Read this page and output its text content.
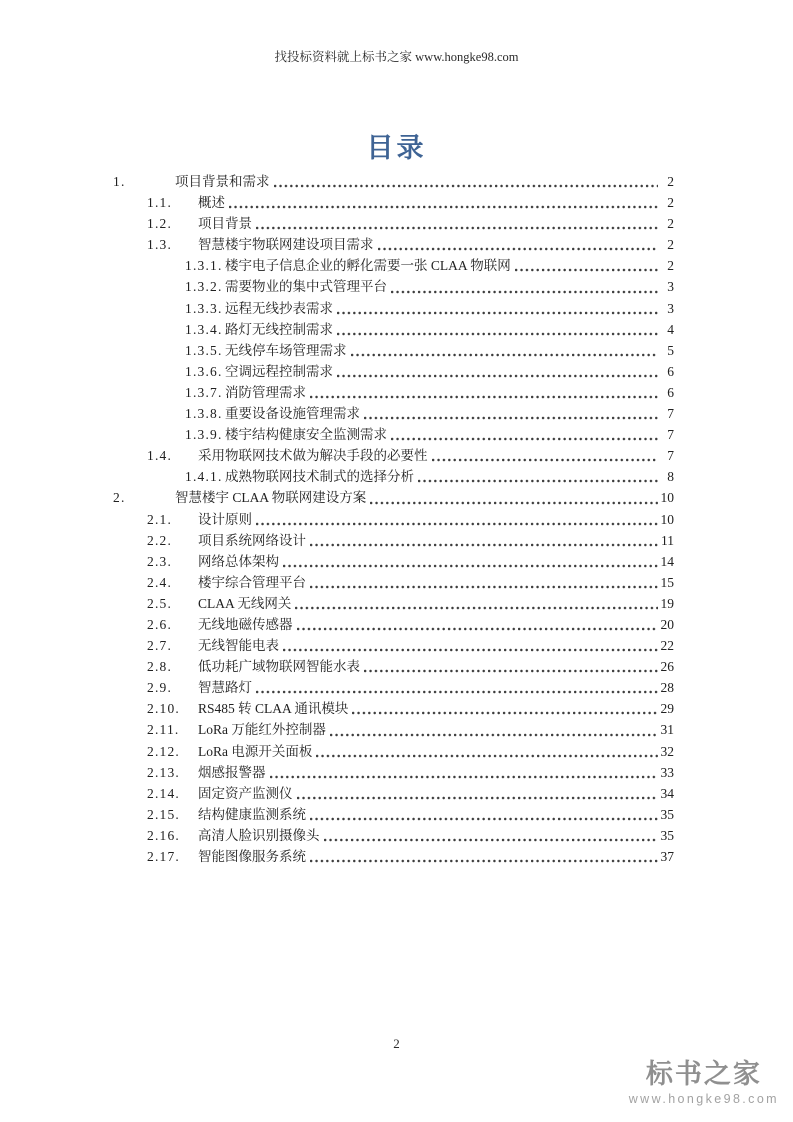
找投标资料就上标书之家 www.hongke98.com
目录
1.	项目背景和需求	2
1.1.	概述	2
1.2.	项目背景	2
1.3.	智慧楼宇物联网建设项目需求	2
1.3.1. 楼宇电子信息企业的孵化需要一张 CLAA 物联网	2
1.3.2. 需要物业的集中式管理平台	3
1.3.3. 远程无线抄表需求	3
1.3.4. 路灯无线控制需求	4
1.3.5. 无线停车场管理需求	5
1.3.6. 空调远程控制需求	6
1.3.7. 消防管理需求	6
1.3.8. 重要设备设施管理需求	7
1.3.9. 楼宇结构健康安全监测需求	7
1.4.	采用物联网技术做为解决手段的必要性	7
1.4.1. 成熟物联网技术制式的选择分析	8
2.	智慧楼宇 CLAA 物联网建设方案	10
2.1.	设计原则	10
2.2.	项目系统网络设计	11
2.3.	网络总体架构	14
2.4.	楼宇综合管理平台	15
2.5.	CLAA 无线网关	19
2.6.	无线地磁传感器	20
2.7.	无线智能电表	22
2.8.	低功耗广域物联网智能水表	26
2.9.	智慧路灯	28
2.10.	RS485 转 CLAA 通讯模块	29
2.11.	LoRa 万能红外控制器	31
2.12.	LoRa 电源开关面板	32
2.13.	烟感报警器	33
2.14.	固定资产监测仪	34
2.15.	结构健康监测系统	35
2.16.	高清人脸识别摄像头	35
2.17.	智能图像服务系统	37
2
标书之家
www.hongke98.com
